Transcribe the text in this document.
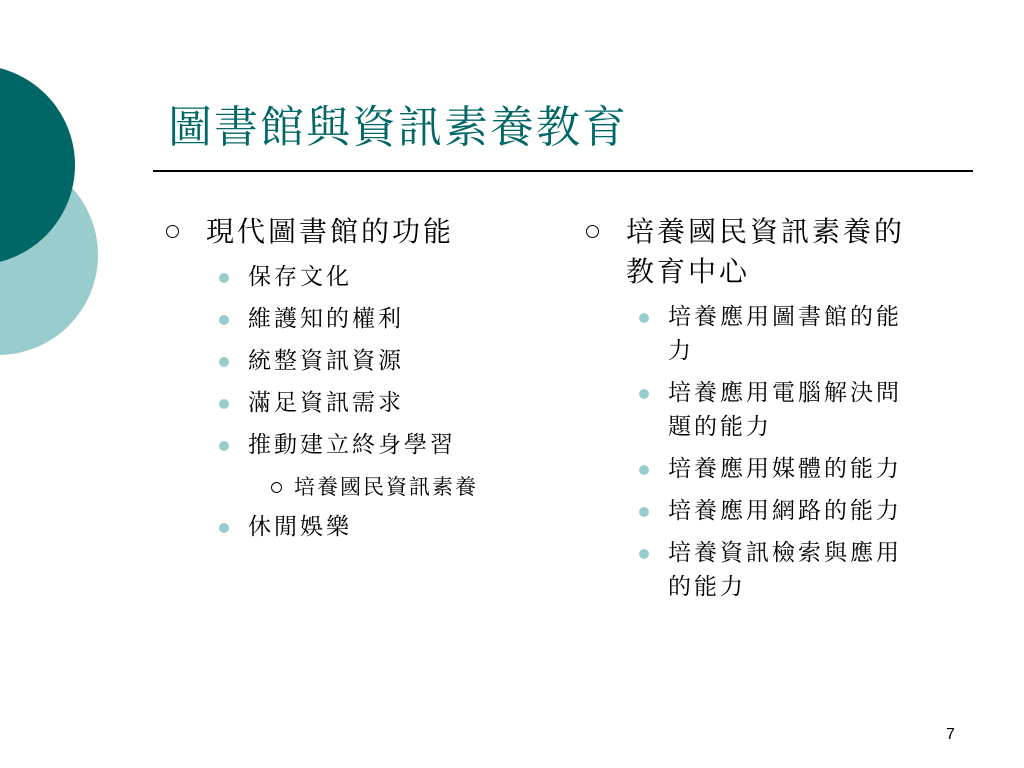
圖書館與資訊素養教育
現代圖書館的功能
保存文化
維護知的權利
統整資訊資源
滿足資訊需求
推動建立終身學習
培養國民資訊素養
休閒娛樂
培養國民資訊素養的
教育中心
培養應用圖書館的能
力
培養應用電腦解決問
題的能力
培養應用媒體的能力
培養應用網路的能力
培養資訊檢索與應用
的能力
7
